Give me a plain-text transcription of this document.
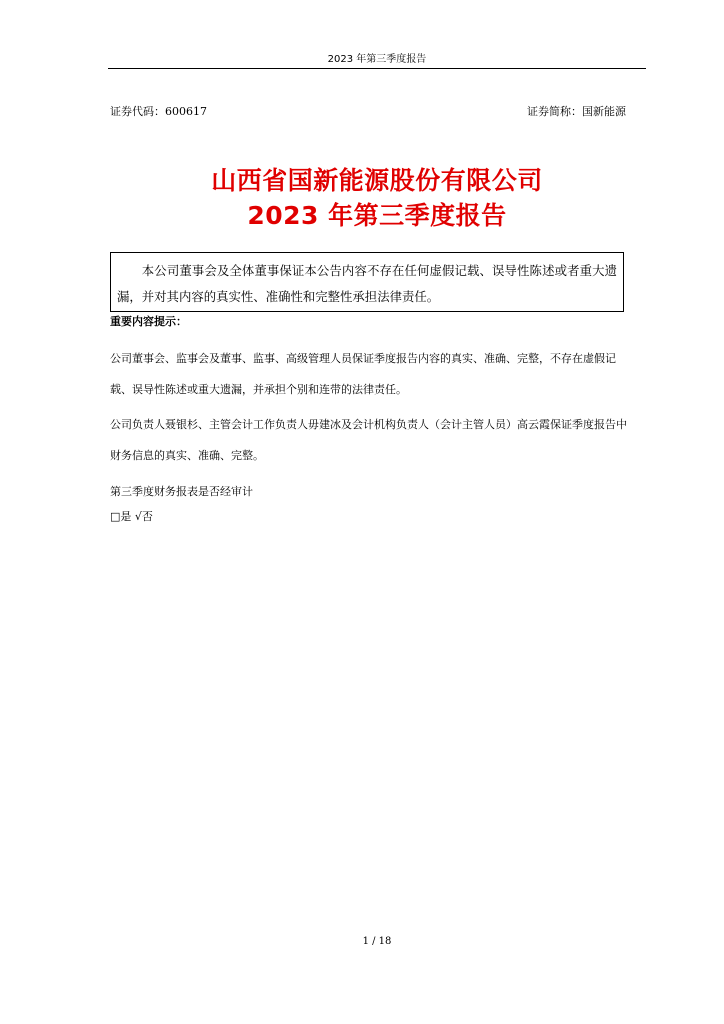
2023 年第三季度报告
证券代码：600617	证券简称：国新能源
山西省国新能源股份有限公司
2023 年第三季度报告

本公司董事会及全体董事保证本公告内容不存在任何虚假记载、误导性陈述或者重大遗漏，并对其内容的真实性、准确性和完整性承担法律责任。

重要内容提示：

公司董事会、监事会及董事、监事、高级管理人员保证季度报告内容的真实、准确、完整，不存在虚假记载、误导性陈述或重大遗漏，并承担个别和连带的法律责任。

公司负责人聂银杉、主管会计工作负责人毋建冰及会计机构负责人（会计主管人员）高云霞保证季度报告中财务信息的真实、准确、完整。

第三季度财务报表是否经审计
□是 √否
1 / 18
